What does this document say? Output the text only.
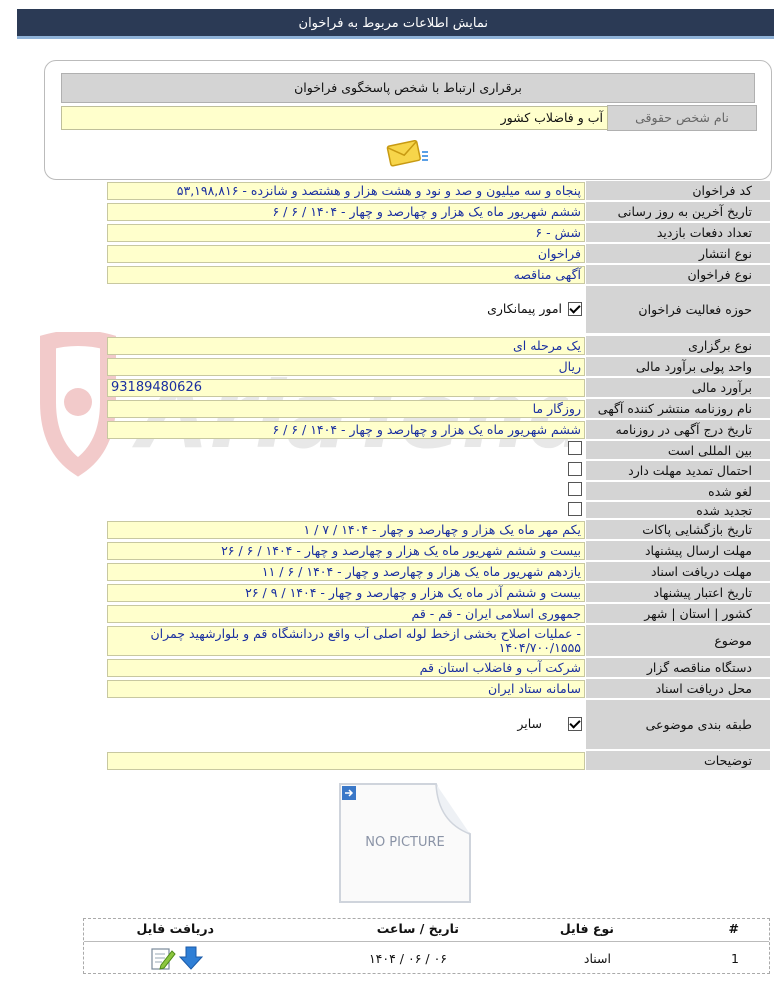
نمایش اطلاعات مربوط به فراخوان
برقراری ارتباط با شخص پاسخگوی فراخوان
نام شخص حقوقی
آب و فاضلاب کشور
کد فراخوان
۵۳,۱۹۸,۸۱۶ - پنجاه و سه میلیون و صد و نود و هشت هزار و هشتصد و شانزده
تاریخ آخرین به روز رسانی
۶ / ۶ / ۱۴۰۴ - ششم شهریور ماه یک هزار و چهارصد و چهار
تعداد دفعات بازدید
۶ - شش
نوع انتشار
فراخوان
نوع فراخوان
آگهی مناقصه
حوزه فعالیت فراخوان
امور پیمانکاری
نوع برگزاری
یک مرحله ای
واحد پولی برآورد مالی
ریال
برآورد مالی
93189480626
نام روزنامه منتشر کننده آگهی
روزگار ما
تاریخ درج آگهی در روزنامه
۶ / ۶ / ۱۴۰۴ - ششم شهریور ماه یک هزار و چهارصد و چهار
بین المللی است
احتمال تمدید مهلت دارد
لغو شده
تجدید شده
تاریخ بازگشایی پاکات
۱ / ۷ / ۱۴۰۴ - یکم مهر ماه یک هزار و چهارصد و چهار
مهلت ارسال پیشنهاد
۲۶ / ۶ / ۱۴۰۴ - بیست و ششم شهریور ماه یک هزار و چهارصد و چهار
مهلت دریافت اسناد
۱۱ / ۶ / ۱۴۰۴ - یازدهم شهریور ماه یک هزار و چهارصد و چهار
تاریخ اعتبار پیشنهاد
۲۶ / ۹ / ۱۴۰۴ - بیست و ششم آذر ماه یک هزار و چهارصد و چهار
کشور | استان | شهر
جمهوری اسلامی ایران - قم - قم
موضوع
عملیات اصلاح بخشی ازخط لوله اصلی آب واقع دردانشگاه قم و بلوارشهید چمران -
۱۴۰۴/۷۰۰/۱۵۵۵
دستگاه مناقصه گزار
شرکت آب و فاضلاب استان قم
محل دریافت اسناد
سامانه ستاد ایران
طبقه بندی موضوعی
سایر
توضیحات
NO PICTURE
#
نوع فایل
تاریخ / ساعت
دریافت فایل
1
اسناد
۱۴۰۴ / ۰۶ / ۰۶
